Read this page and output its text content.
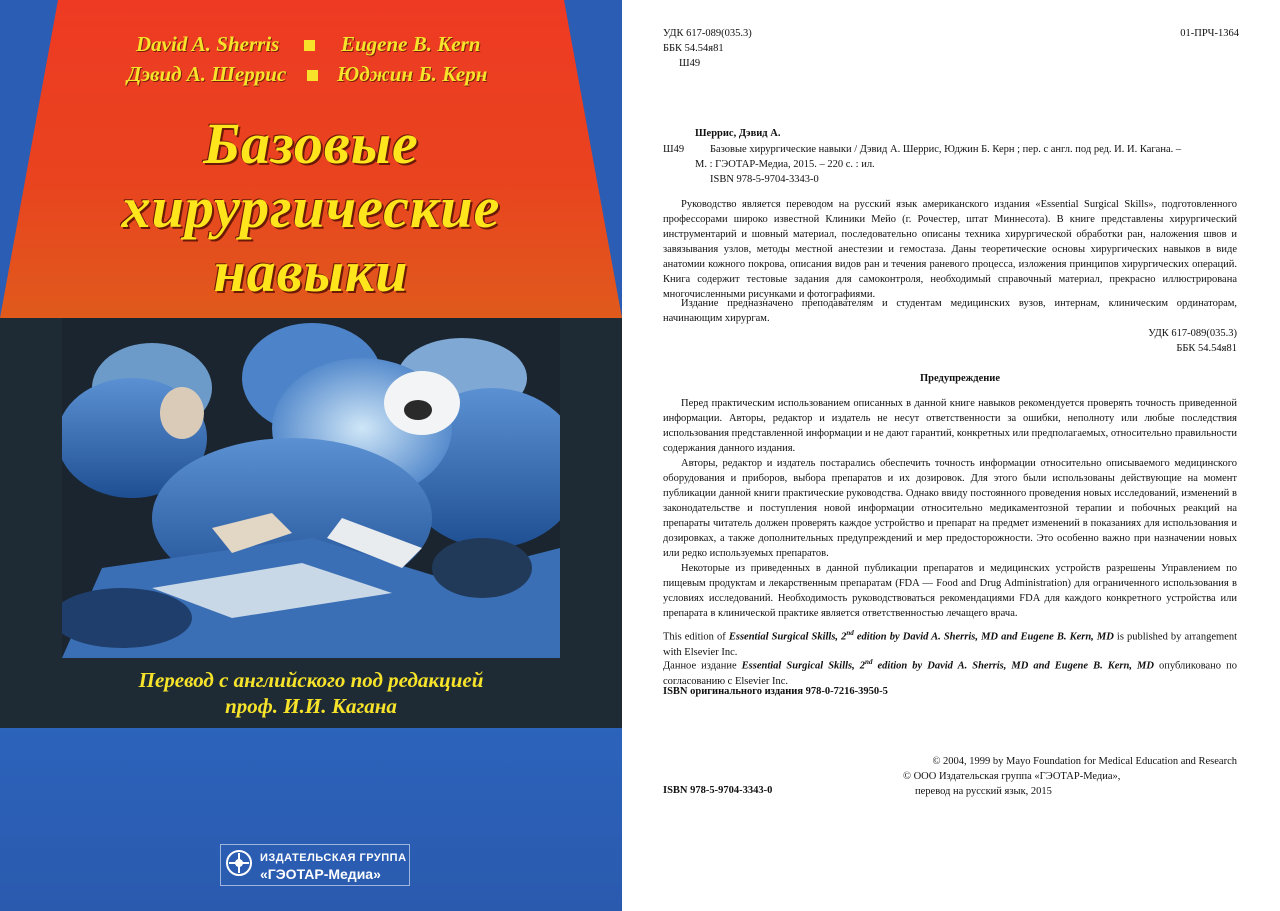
David A. Sherris	Eugene B. Kern
Дэвид А. Шеррис Юджин Б. Керн
Базовые
хирургические
навыки
Перевод с английского под редакцией
проф. И.И. Кагана
ИЗДАТЕЛЬСКАЯ ГРУППА
«ГЭОТАР-Медиа»
УДК 617-089(035.3)	01-ПРЧ-1364
ББК 54.54я81
Ш49
Шеррис, Дэвид А.
Ш49 Базовые хирургические навыки / Дэвид А. Шеррис, Юджин Б. Керн ; пер. с англ. под ред. И. И. Кагана. –
М. : ГЭОТАР-Медиа, 2015. – 220 с. : ил.
ISBN 978-5-9704-3343-0
Руководство является переводом на русский язык американского издания «Essential Surgical Skills», подготовленного профессорами широко известной Клиники Мейо (г. Рочестер, штат Миннесота). В книге представлены хирургический инструментарий и шовный материал, последовательно описаны техника хирургической обработки ран, наложения швов и завязывания узлов, методы местной анестезии и гемостаза. Даны теоретические основы хирургических навыков в виде анатомии кожного покрова, описания видов ран и течения раневого процесса, изложения принципов хирургических операций. Книга содержит тестовые задания для самоконтроля, необходимый справочный материал, прекрасно иллюстрирована многочисленными рисунками и фотографиями.
Издание предназначено преподавателям и студентам медицинских вузов, интернам, клиническим ординаторам, начинающим хирургам.
УДК 617-089(035.3)
ББК 54.54я81
Предупреждение
Перед практическим использованием описанных в данной книге навыков рекомендуется проверять точность приведенной информации. Авторы, редактор и издатель не несут ответственности за ошибки, неполноту или любые последствия использования представленной информации и не дают гарантий, конкретных или предполагаемых, относительно правильности содержания данного издания.
Авторы, редактор и издатель постарались обеспечить точность информации относительно описываемого медицинского оборудования и приборов, выбора препаратов и их дозировок. Для этого были использованы действующие на момент публикации данной книги практические руководства. Однако ввиду постоянного проведения новых исследований, изменений в законодательстве и поступления новой информации относительно медикаментозной терапии и побочных реакций на препараты читатель должен проверять каждое устройство и препарат на предмет изменений в показаниях для использования и дозировках, а также дополнительных предупреждений и мер предосторожности. Это особенно важно при назначении новых или редко используемых препаратов.
Некоторые из приведенных в данной публикации препаратов и медицинских устройств разрешены Управлением по пищевым продуктам и лекарственным препаратам (FDA — Food and Drug Administration) для ограниченного использования в условиях исследований. Необходимость руководствоваться рекомендациями FDA для каждого конкретного устройства или препарата в клинической практике является ответственностью лечащего врача.
This edition of Essential Surgical Skills, 2nd edition by David A. Sherris, MD and Eugene B. Kern, MD is published by arrangement with Elsevier Inc.
Данное издание Essential Surgical Skills, 2nd edition by David A. Sherris, MD and Eugene B. Kern, MD опубликовано по согласованию с Elsevier Inc.
ISBN оригинального издания 978-0-7216-3950-5
ISBN 978-5-9704-3343-0
© 2004, 1999 by Mayo Foundation for Medical Education and Research
© ООО Издательская группа «ГЭОТАР-Медиа»,
перевод на русский язык, 2015
